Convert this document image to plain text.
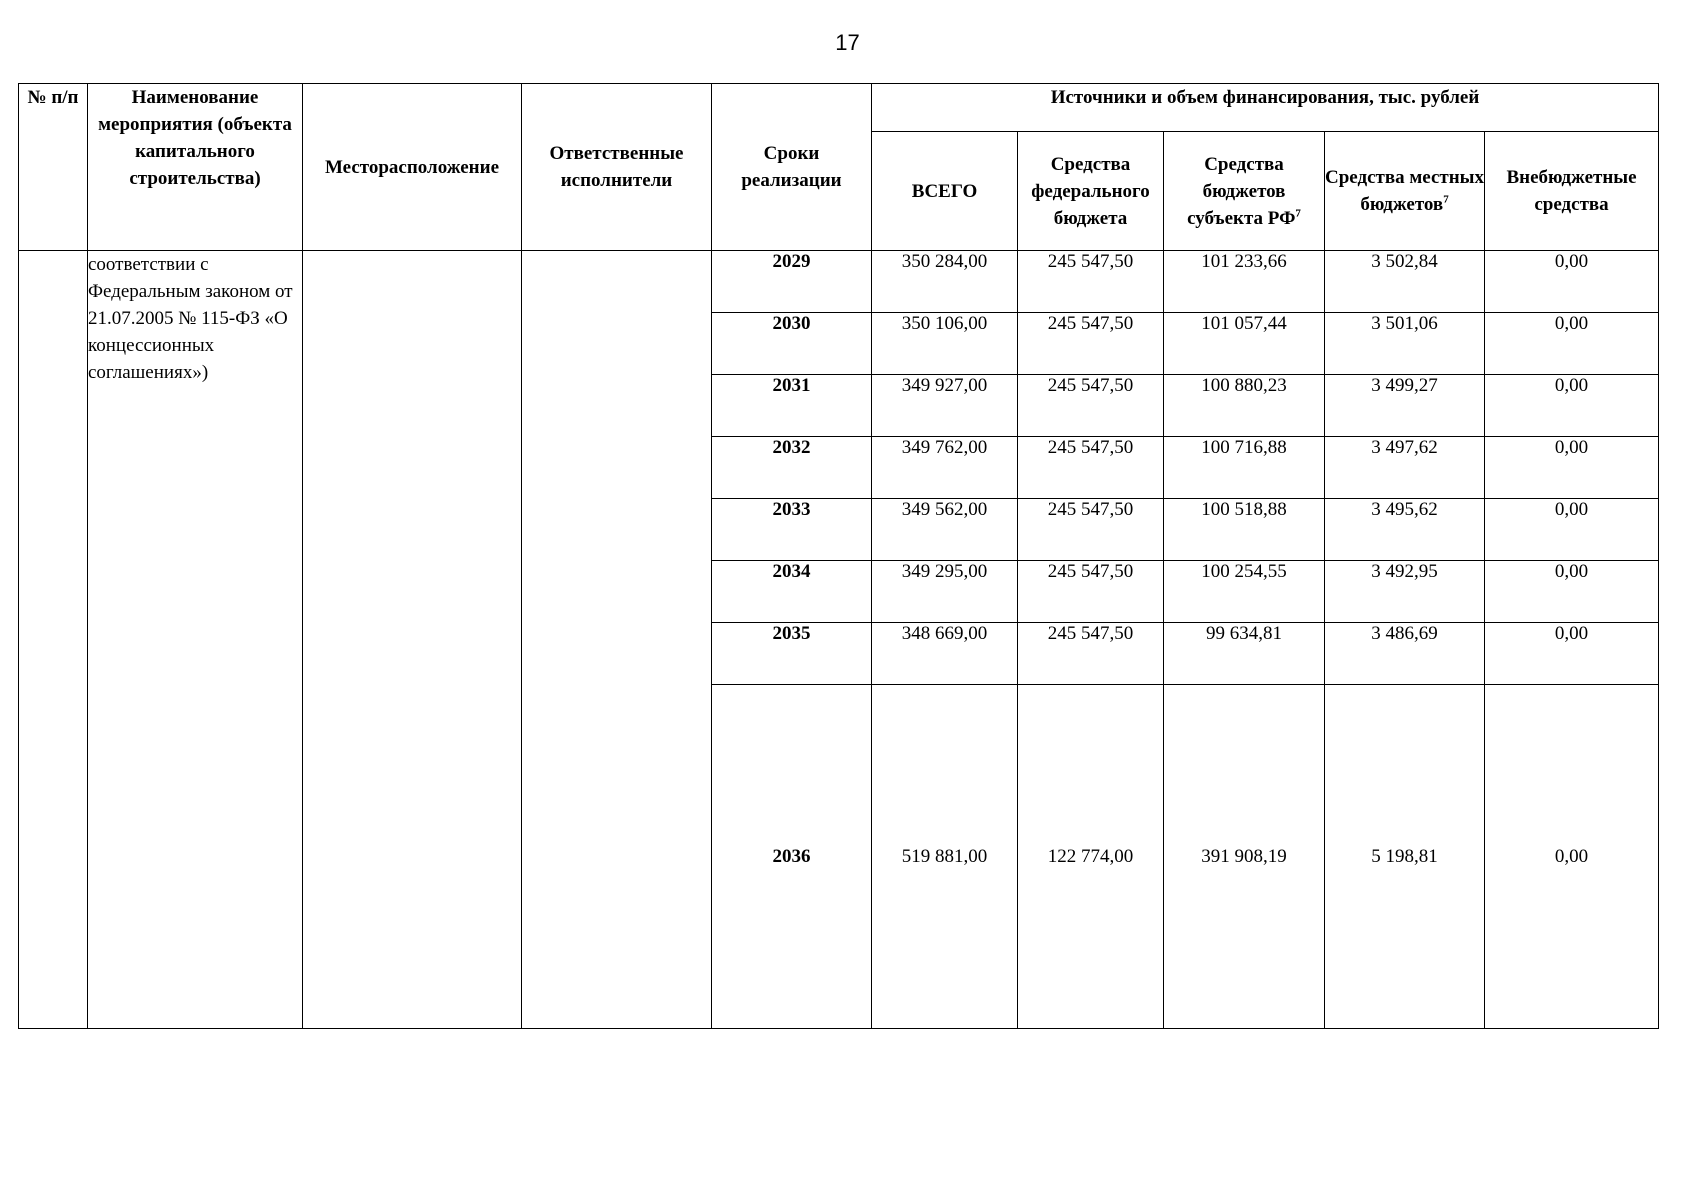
17
№ п/п	Наименование мероприятия (объекта капитального строительства)	Месторасположение	Ответственные исполнители	Сроки реализации	Источники и объем финансирования, тыс. рублей				
					ВСЕГО	Средства федерального бюджета	Средства бюджетов субъекта $РФ^7$	Средства местных бюджетов$^7$	Внебюджетные средства
	соответствии с Федеральным законом от 21.07.2005 № 115-ФЗ «О концессионных соглашениях»)			2029	350 284,00	245 547,50	101 233,66	3 502,84	0,00
				2030	350 106,00	245 547,50	101 057,44	3 501,06	0,00
				2031	349 927,00	245 547,50	100 880,23	3 499,27	0,00
				2032	349 762,00	245 547,50	100 716,88	3 497,62	0,00
				2033	349 562,00	245 547,50	100 518,88	3 495,62	0,00
				2034	349 295,00	245 547,50	100 254,55	3 492,95	0,00
				2035	348 669,00	245 547,50	99 634,81	3 486,69	0,00
				2036	519 881,00	122 774,00	391 908,19	5 198,81	0,00
